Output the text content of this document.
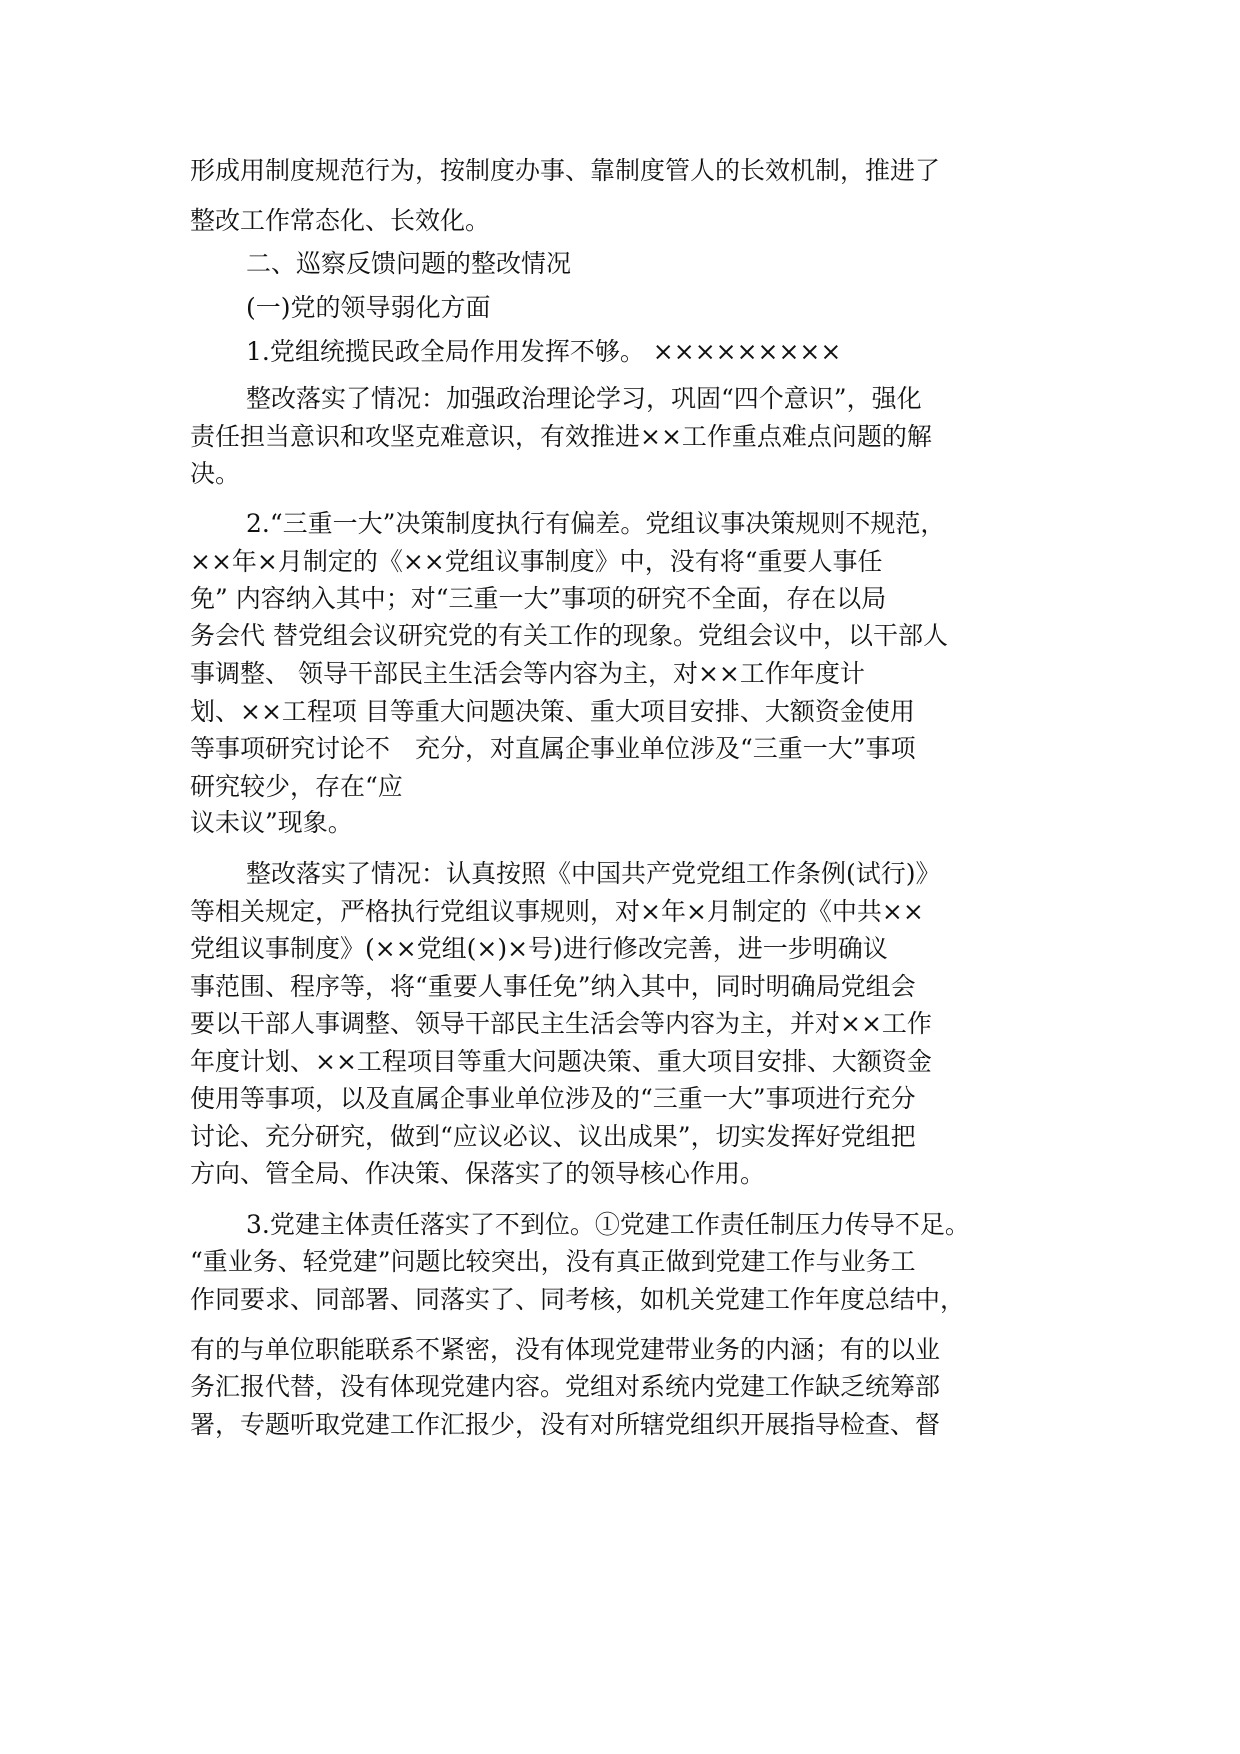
形成用制度规范行为，按制度办事、靠制度管人的长效机制，推进了

整改工作常态化、长效化。

二、巡察反馈问题的整改情况

(一)党的领导弱化方面

1.党组统揽民政全局作用发挥不够。 ×××××××××

整改落实了情况：加强政治理论学习，巩固“四个意识”，强化

责任担当意识和攻坚克难意识，有效推进××工作重点难点问题的解

决。

2.“三重一大”决策制度执行有偏差。党组议事决策规则不规范，

××年×月制定的《××党组议事制度》中，没有将“重要人事任

免” 内容纳入其中；对“三重一大”事项的研究不全面，存在以局

务会代 替党组会议研究党的有关工作的现象。党组会议中，以干部人

事调整、 领导干部民主生活会等内容为主，对××工作年度计

划、××工程项 目等重大问题决策、重大项目安排、大额资金使用

等事项研究讨论不　充分，对直属企事业单位涉及“三重一大”事项

研究较少，存在“应

议未议”现象。

整改落实了情况：认真按照《中国共产党党组工作条例(试行)》

等相关规定，严格执行党组议事规则，对×年×月制定的《中共××

党组议事制度》(××党组(×)×号)进行修改完善，进一步明确议

事范围、程序等，将“重要人事任免”纳入其中，同时明确局党组会

要以干部人事调整、领导干部民主生活会等内容为主，并对××工作

年度计划、××工程项目等重大问题决策、重大项目安排、大额资金

使用等事项，以及直属企事业单位涉及的“三重一大”事项进行充分

讨论、充分研究，做到“应议必议、议出成果”，切实发挥好党组把

方向、管全局、作决策、保落实了的领导核心作用。

3.党建主体责任落实了不到位。①党建工作责任制压力传导不足。

“重业务、轻党建”问题比较突出，没有真正做到党建工作与业务工

作同要求、同部署、同落实了、同考核，如机关党建工作年度总结中，

有的与单位职能联系不紧密，没有体现党建带业务的内涵；有的以业

务汇报代替，没有体现党建内容。党组对系统内党建工作缺乏统筹部

署，专题听取党建工作汇报少，没有对所辖党组织开展指导检查、督
